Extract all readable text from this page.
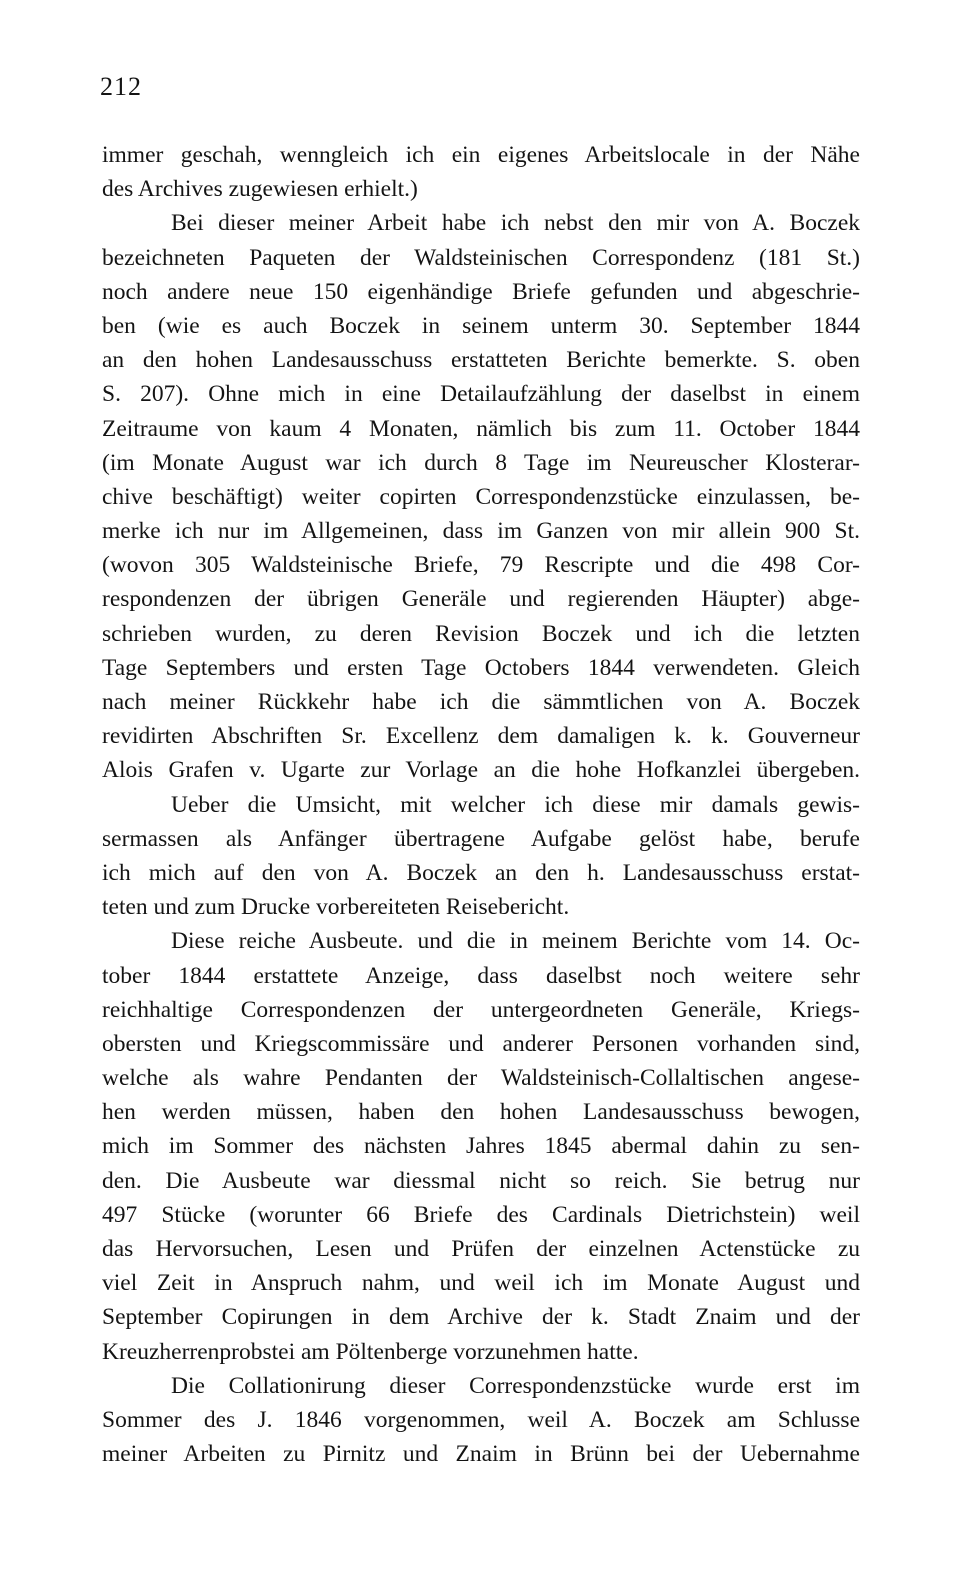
212
immer geschah, wenngleich ich ein eigenes Arbeitslocale in der Nähe
des Archives zugewiesen erhielt.)
Bei dieser meiner Arbeit habe ich nebst den mir von A. Boczek
bezeichneten Paqueten der Waldsteinischen Correspondenz (181 St.)
noch andere neue 150 eigenhändige Briefe gefunden und abgeschrie-
ben (wie es auch Boczek in seinem unterm 30. September 1844
an den hohen Landesausschuss erstatteten Berichte bemerkte. S. oben
S. 207). Ohne mich in eine Detailaufzählung der daselbst in einem
Zeitraume von kaum 4 Monaten, nämlich bis zum 11. October 1844
(im Monate August war ich durch 8 Tage im Neureuscher Klosterar-
chive beschäftigt) weiter copirten Correspondenzstücke einzulassen, be-
merke ich nur im Allgemeinen, dass im Ganzen von mir allein 900 St.
(wovon 305 Waldsteinische Briefe, 79 Rescripte und die 498 Cor-
respondenzen der übrigen Generäle und regierenden Häupter) abge-
schrieben wurden, zu deren Revision Boczek und ich die letzten
Tage Septembers und ersten Tage Octobers 1844 verwendeten. Gleich
nach meiner Rückkehr habe ich die sämmtlichen von A. Boczek
revidirten Abschriften Sr. Excellenz dem damaligen k. k. Gouverneur
Alois Grafen v. Ugarte zur Vorlage an die hohe Hofkanzlei übergeben.
Ueber die Umsicht, mit welcher ich diese mir damals gewis-
sermassen als Anfänger übertragene Aufgabe gelöst habe, berufe
ich mich auf den von A. Boczek an den h. Landesausschuss erstat-
teten und zum Drucke vorbereiteten Reisebericht.
Diese reiche Ausbeute. und die in meinem Berichte vom 14. Oc-
tober 1844 erstattete Anzeige, dass daselbst noch weitere sehr
reichhaltige Correspondenzen der untergeordneten Generäle, Kriegs-
obersten und Kriegscommissäre und anderer Personen vorhanden sind,
welche als wahre Pendanten der Waldsteinisch-Collaltischen angese-
hen werden müssen, haben den hohen Landesausschuss bewogen,
mich im Sommer des nächsten Jahres 1845 abermal dahin zu sen-
den. Die Ausbeute war diessmal nicht so reich. Sie betrug nur
497 Stücke (worunter 66 Briefe des Cardinals Dietrichstein) weil
das Hervorsuchen, Lesen und Prüfen der einzelnen Actenstücke zu
viel Zeit in Anspruch nahm, und weil ich im Monate August und
September Copirungen in dem Archive der k. Stadt Znaim und der
Kreuzherrenprobstei am Pöltenberge vorzunehmen hatte.
Die Collationirung dieser Correspondenzstücke wurde erst im
Sommer des J. 1846 vorgenommen, weil A. Boczek am Schlusse
meiner Arbeiten zu Pirnitz und Znaim in Brünn bei der Uebernahme
